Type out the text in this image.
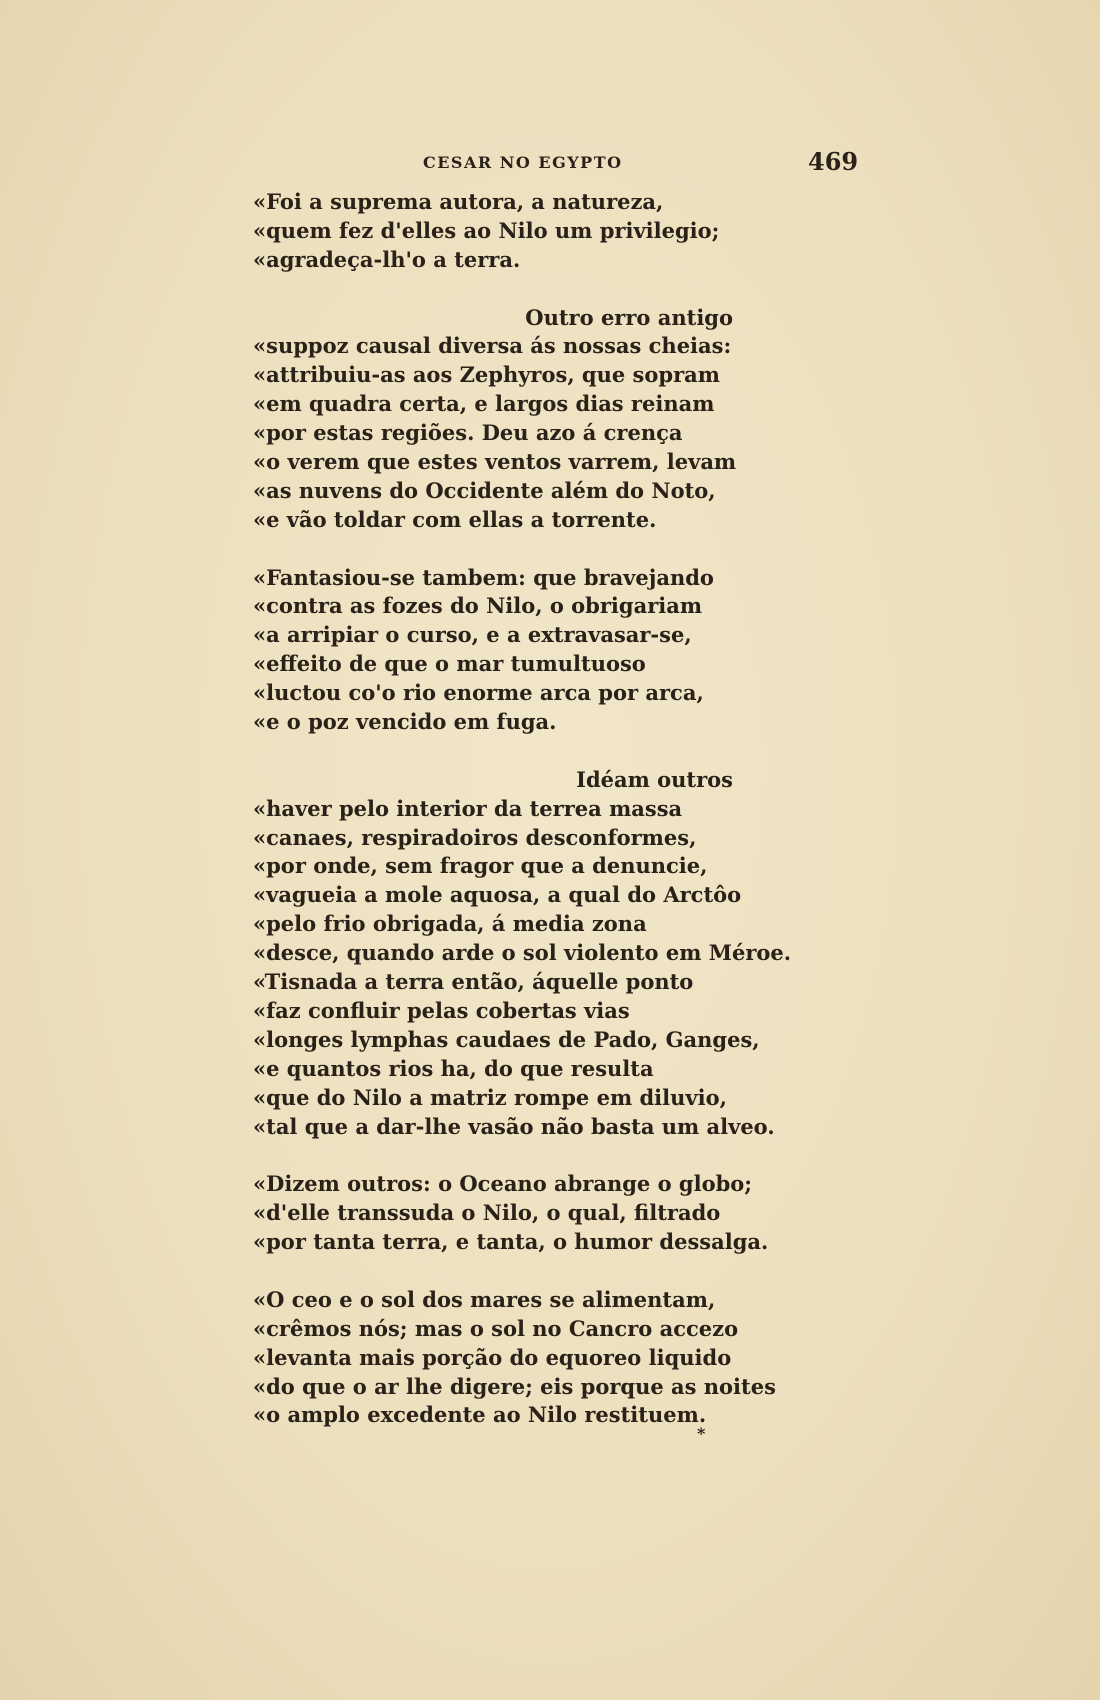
CESAR NO EGYPTO	469
«Foi a suprema autora, a natureza,
«quem fez d'elles ao Nilo um privilegio;
«agradeça-lh'o a terra.
Outro erro antigo
«suppoz causal diversa ás nossas cheias:
«attribuiu-as aos Zephyros, que sopram
«em quadra certa, e largos dias reinam
«por estas regiões. Deu azo á crença
«o verem que estes ventos varrem, levam
«as nuvens do Occidente além do Noto,
«e vão toldar com ellas a torrente.
«Fantasiou-se tambem: que bravejando
«contra as fozes do Nilo, o obrigariam
«a arripiar o curso, e a extravasar-se,
«effeito de que o mar tumultuoso
«luctou co'o rio enorme arca por arca,
«e o poz vencido em fuga.
Idéam outros
«haver pelo interior da terrea massa
«canaes, respiradoiros desconformes,
«por onde, sem fragor que a denuncie,
«vagueia a mole aquosa, a qual do Arctôo
«pelo frio obrigada, á media zona
«desce, quando arde o sol violento em Méroe.
«Tisnada a terra então, áquelle ponto
«faz confluir pelas cobertas vias
«longes lymphas caudaes de Pado, Ganges,
«e quantos rios ha, do que resulta
«que do Nilo a matriz rompe em diluvio,
«tal que a dar-lhe vasão não basta um alveo.
«Dizem outros: o Oceano abrange o globo;
«d'elle transsuda o Nilo, o qual, filtrado
«por tanta terra, e tanta, o humor dessalga.
«O ceo e o sol dos mares se alimentam,
«crêmos nós; mas o sol no Cancro accezo
«levanta mais porção do equoreo liquido
«do que o ar lhe digere; eis porque as noites
«o amplo excedente ao Nilo restituem.
*
